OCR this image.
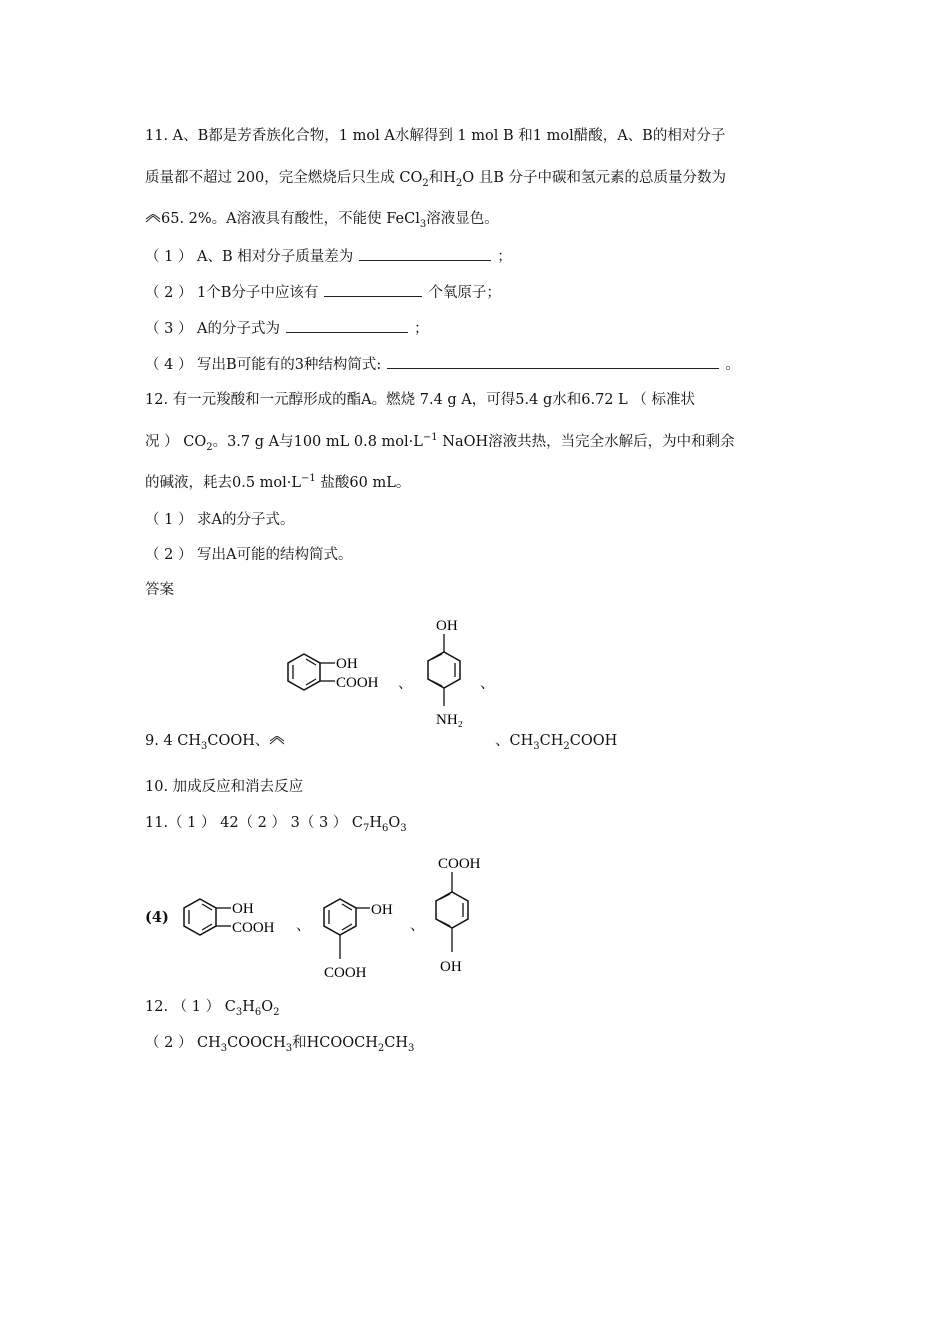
11. A、B都是芳香族化合物，1 mol A水解得到 1 mol B 和1 mol醋酸，A、B的相对分子
质量都不超过 200，完全燃烧后只生成 $CO_2$和$H_2O$ 且B 分子中碳和氢元素的总质量分数为
65. 2%。A溶液具有酸性，不能使 FeCl$_3$溶液显色。
（ 1 ） A、B 相对分子质量差为	；
（ 2 ） 1个B分子中应该有	个氧原子；
（ 3 ） A的分子式为	；
（ 4 ） 写出B可能有的3种结构简式:	。
12. 有一元羧酸和一元醇形成的酯A。燃烧 7.4 g A，可得5.4 g水和6.72 L （ 标准状
况 ） $CO_2$。3.7 g A与100 mL 0.8 $mol\cdot L^{-1}$ NaOH溶液共热，当完全水解后，为中和剩余
的碱液，耗去0.5 $mol\cdot L^{-1}$ 盐酸60 mL。
（ 1 ） 求A的分子式。
（ 2 ） 写出A可能的结构简式。
答案
OH
COOH 、
OH
NH₂
、
9. 4 $CH_3COOH$、	、$CH_3CH_2COOH$
10. 加成反应和消去反应
11.（ 1 ） 42（ 2 ） 3（ 3 ） $C_7H_6O_3$
(4)	OH
COOH 、
OH
COOH
、
COOH
OH
12. （ 1 ） $C_3H_6O_2$
（ 2 ） $CH_3COOCH_3$和$HCOOCH_2CH_3$
